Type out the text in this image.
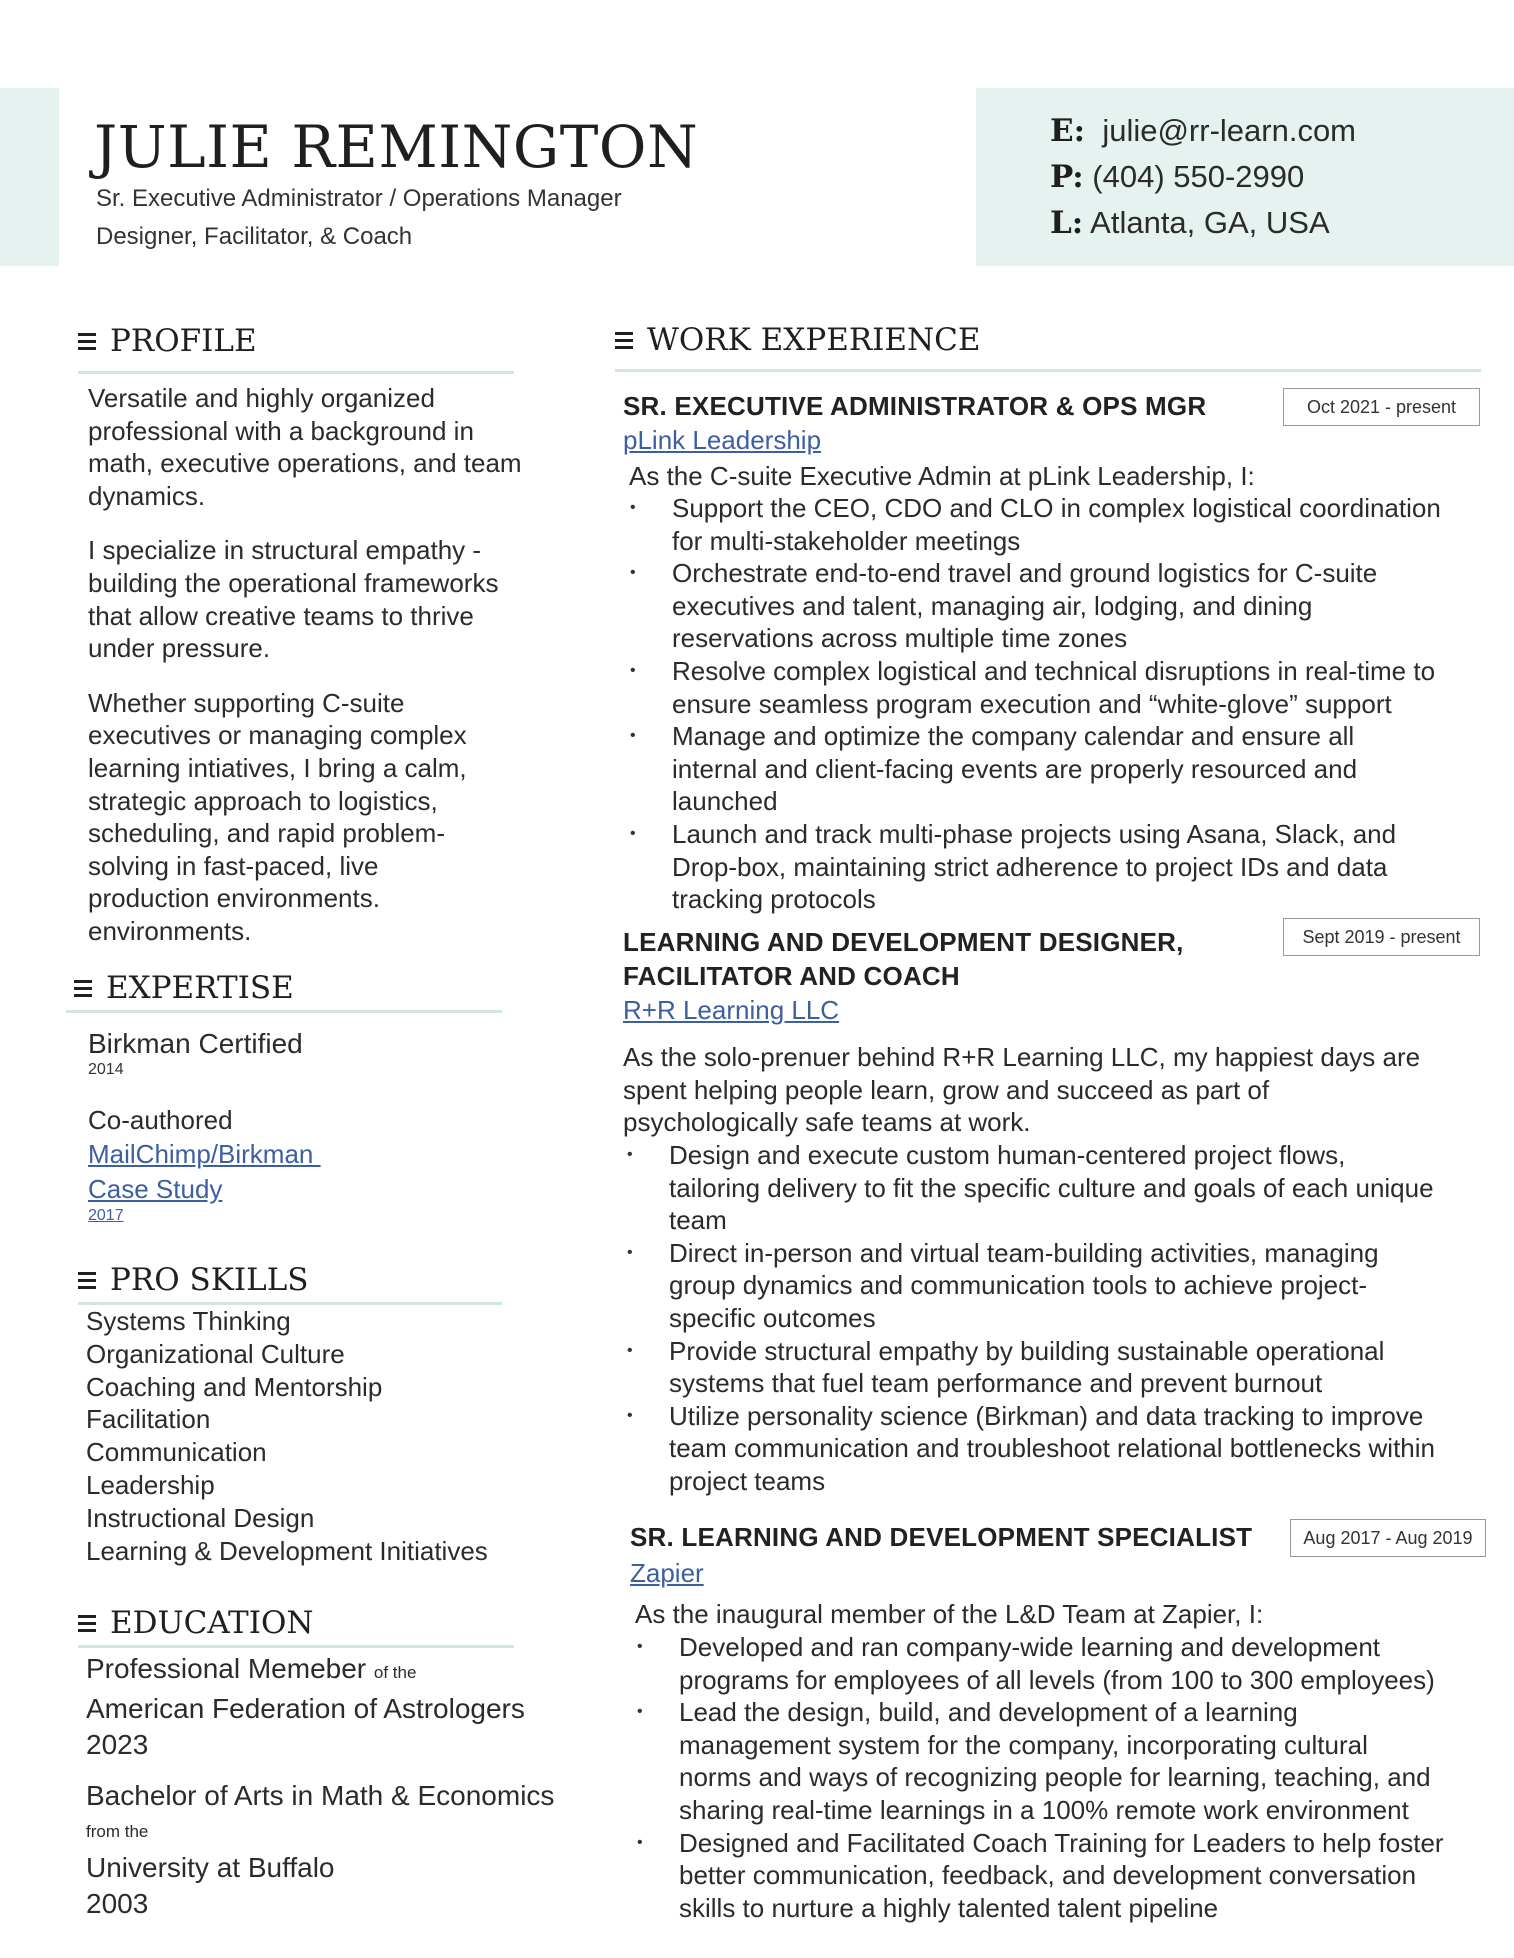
JULIE REMINGTON
Sr. Executive Administrator / Operations Manager
Designer, Facilitator, & Coach
E: julie@rr-learn.com
P: (404) 550-2990
L: Atlanta, GA, USA
PROFILE

Versatile and highly organized professional with a background in math, executive operations, and team dynamics.

I specialize in structural empathy - building the operational frameworks that allow creative teams to thrive under pressure.

Whether supporting C-suite executives or managing complex learning intiatives, I bring a calm, strategic approach to logistics, scheduling, and rapid problem-solving in fast-paced, live production environments. environments.

EXPERTISE
Birkman Certified
2014
Co-authored
MailChimp/Birkman
Case Study
2017
PRO SKILLS
Systems Thinking
Organizational Culture
Coaching and Mentorship
Facilitation
Communication
Leadership
Instructional Design
Learning & Development Initiatives
EDUCATION
Professional Memeber of the
American Federation of Astrologers
2023
Bachelor of Arts in Math & Economics
from the
University at Buffalo
2003
WORK EXPERIENCE
SR. EXECUTIVE ADMINISTRATOR & OPS MGR	Oct 2021 - present
pLink Leadership
As the C-suite Executive Admin at pLink Leadership, I:
• Support the CEO, CDO and CLO in complex logistical coordination for multi-stakeholder meetings
• Orchestrate end-to-end travel and ground logistics for C-suite executives and talent, managing air, lodging, and dining reservations across multiple time zones
• Resolve complex logistical and technical disruptions in real-time to ensure seamless program execution and “white-glove” support
• Manage and optimize the company calendar and ensure all internal and client-facing events are properly resourced and launched
• Launch and track multi-phase projects using Asana, Slack, and Drop-box, maintaining strict adherence to project IDs and data tracking protocols
LEARNING AND DEVELOPMENT DESIGNER,
FACILITATOR AND COACH
Sept 2019 - present
R+R Learning LLC
As the solo-prenuer behind R+R Learning LLC, my happiest days are spent helping people learn, grow and succeed as part of psychologically safe teams at work.
• Design and execute custom human-centered project flows, tailoring delivery to fit the specific culture and goals of each unique team
• Direct in-person and virtual team-building activities, managing group dynamics and communication tools to achieve project-specific outcomes
• Provide structural empathy by building sustainable operational systems that fuel team performance and prevent burnout
• Utilize personality science (Birkman) and data tracking to improve team communication and troubleshoot relational bottlenecks within project teams
SR. LEARNING AND DEVELOPMENT SPECIALIST	Aug 2017 - Aug 2019
Zapier
As the inaugural member of the L&D Team at Zapier, I:
• Developed and ran company-wide learning and development programs for employees of all levels (from 100 to 300 employees)
• Lead the design, build, and development of a learning management system for the company, incorporating cultural norms and ways of recognizing people for learning, teaching, and sharing real-time learnings in a 100% remote work environment
• Designed and Facilitated Coach Training for Leaders to help foster better communication, feedback, and development conversation skills to nurture a highly talented talent pipeline
